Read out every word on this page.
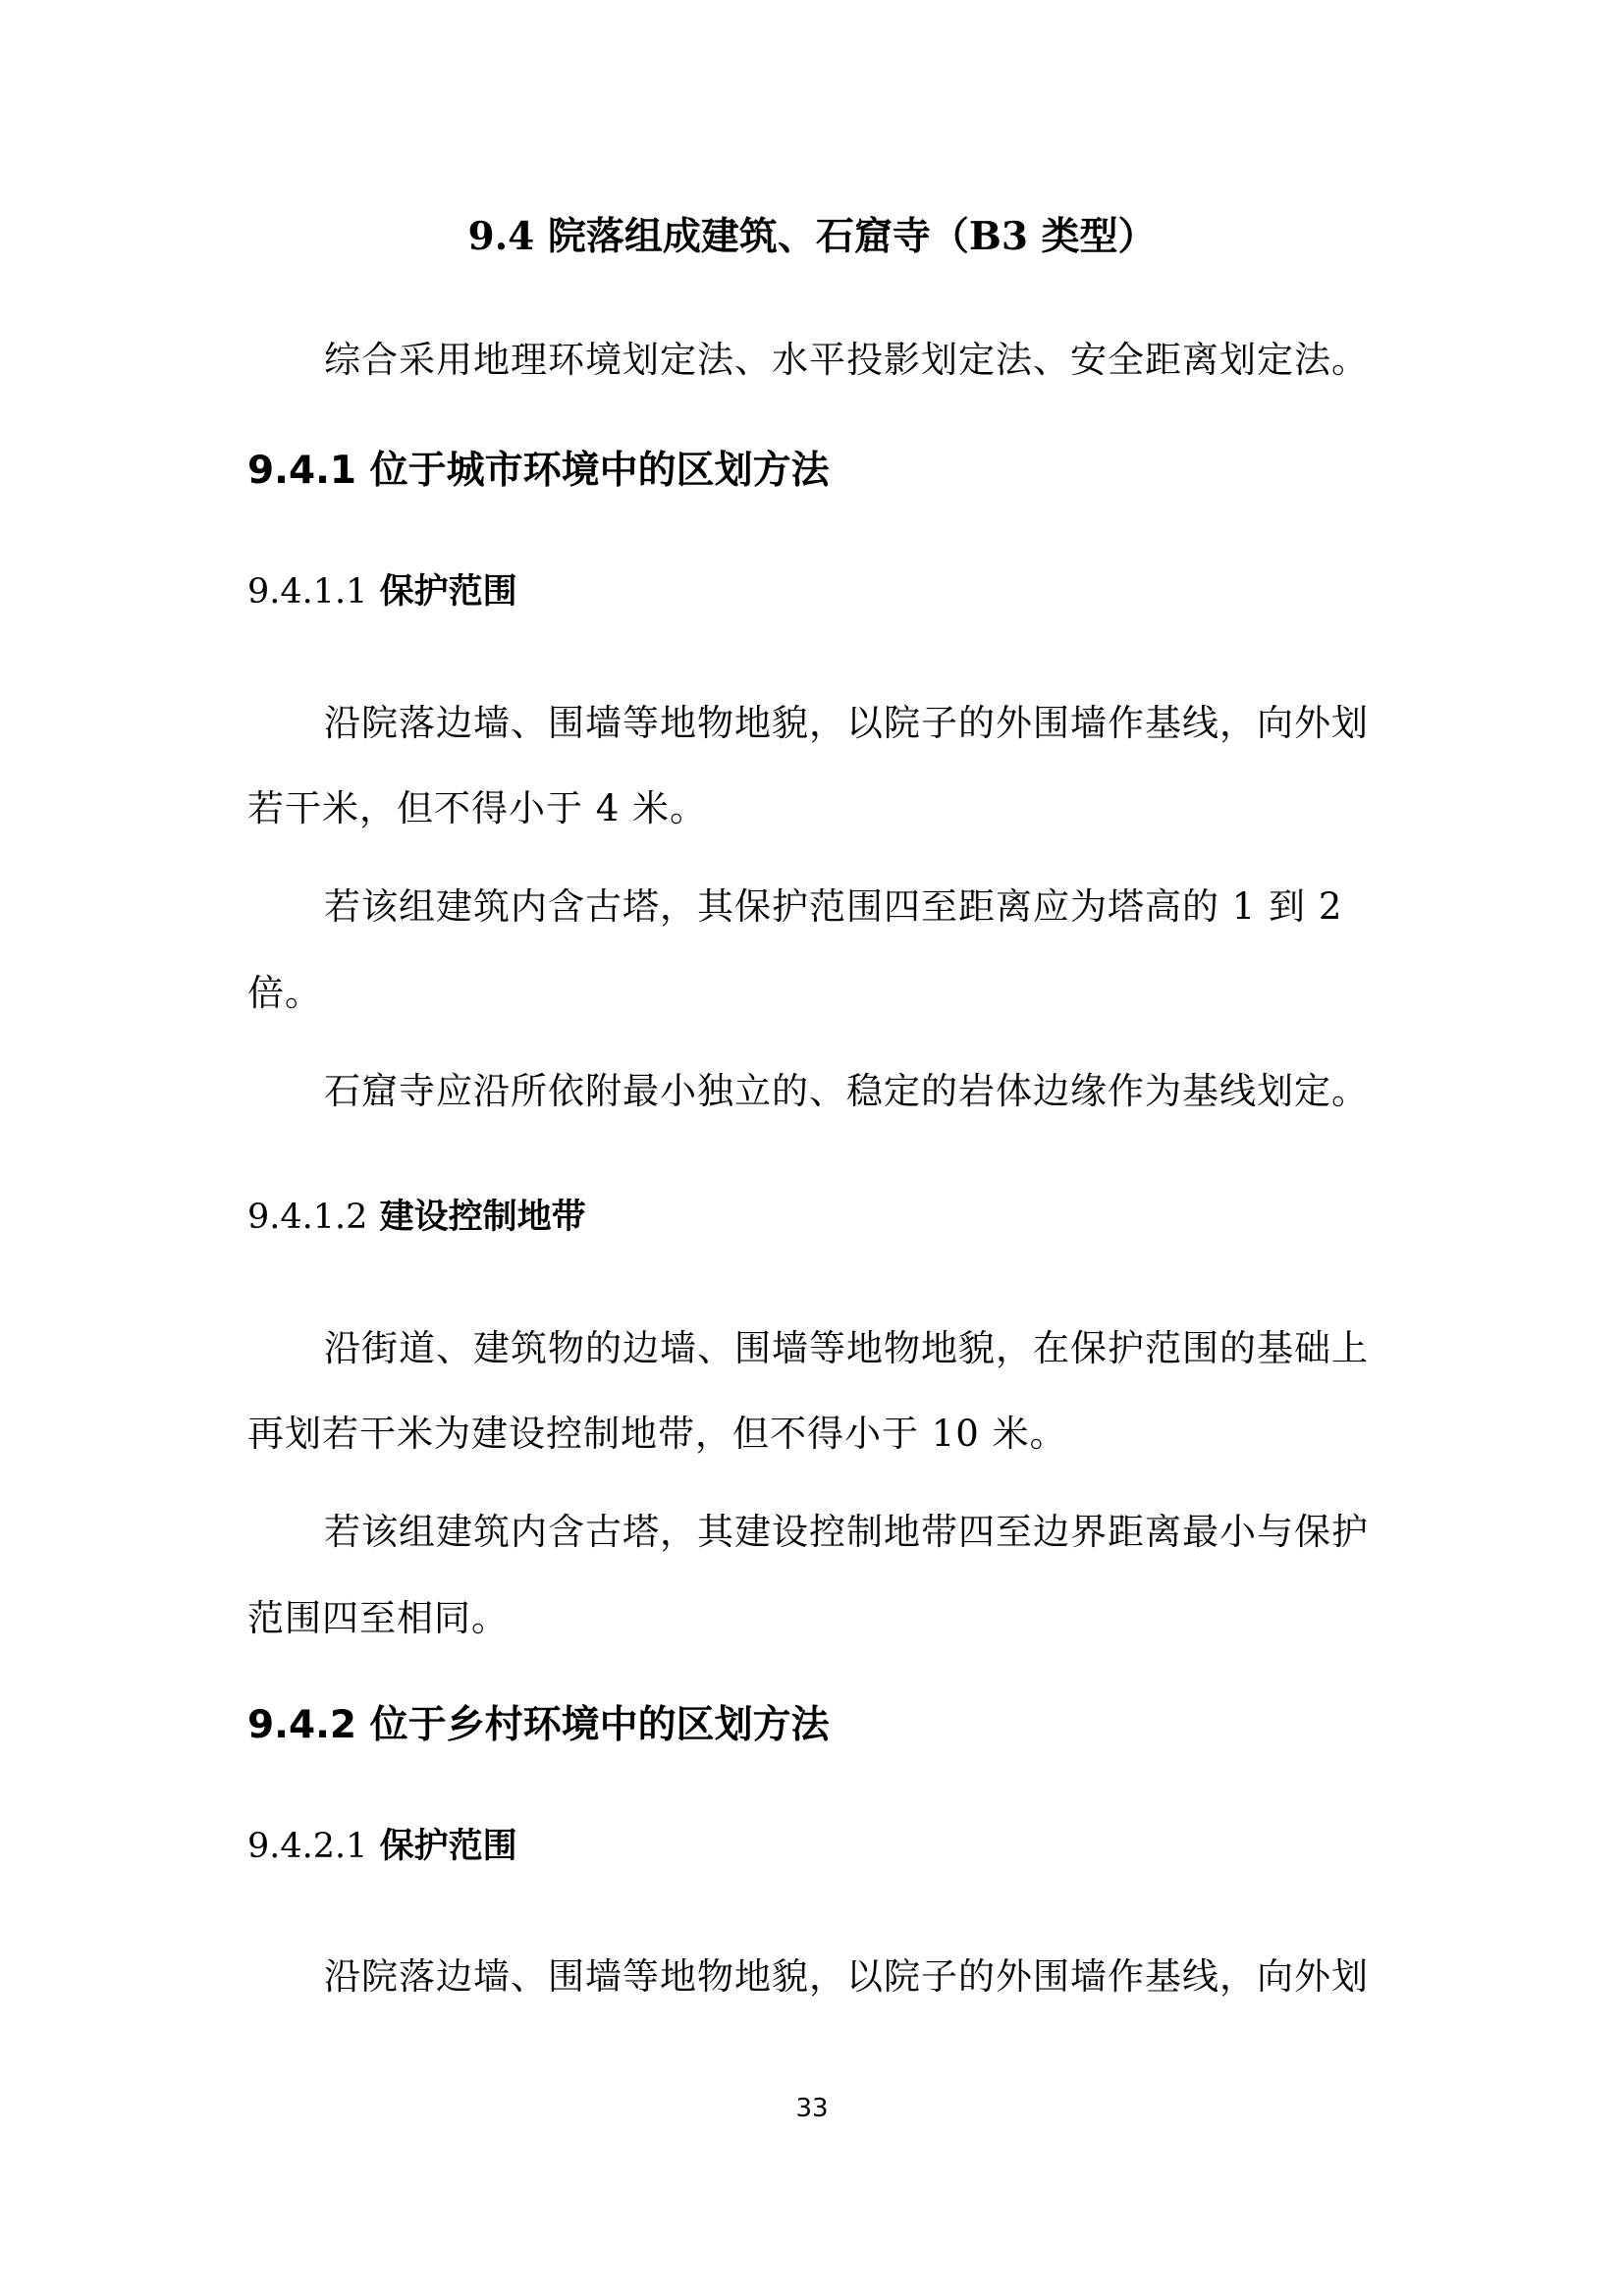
9.4 院落组成建筑、石窟寺（B3 类型）
综合采用地理环境划定法、水平投影划定法、安全距离划定法。
9.4.1 位于城市环境中的区划方法
9.4.1.1 保护范围
沿院落边墙、围墙等地物地貌，以院子的外围墙作基线，向外划
若干米，但不得小于 4 米。
若该组建筑内含古塔，其保护范围四至距离应为塔高的 1 到 2
倍。
石窟寺应沿所依附最小独立的、稳定的岩体边缘作为基线划定。
9.4.1.2 建设控制地带
沿街道、建筑物的边墙、围墙等地物地貌，在保护范围的基础上
再划若干米为建设控制地带，但不得小于 10 米。
若该组建筑内含古塔，其建设控制地带四至边界距离最小与保护
范围四至相同。
9.4.2 位于乡村环境中的区划方法
9.4.2.1 保护范围
沿院落边墙、围墙等地物地貌，以院子的外围墙作基线，向外划
33
